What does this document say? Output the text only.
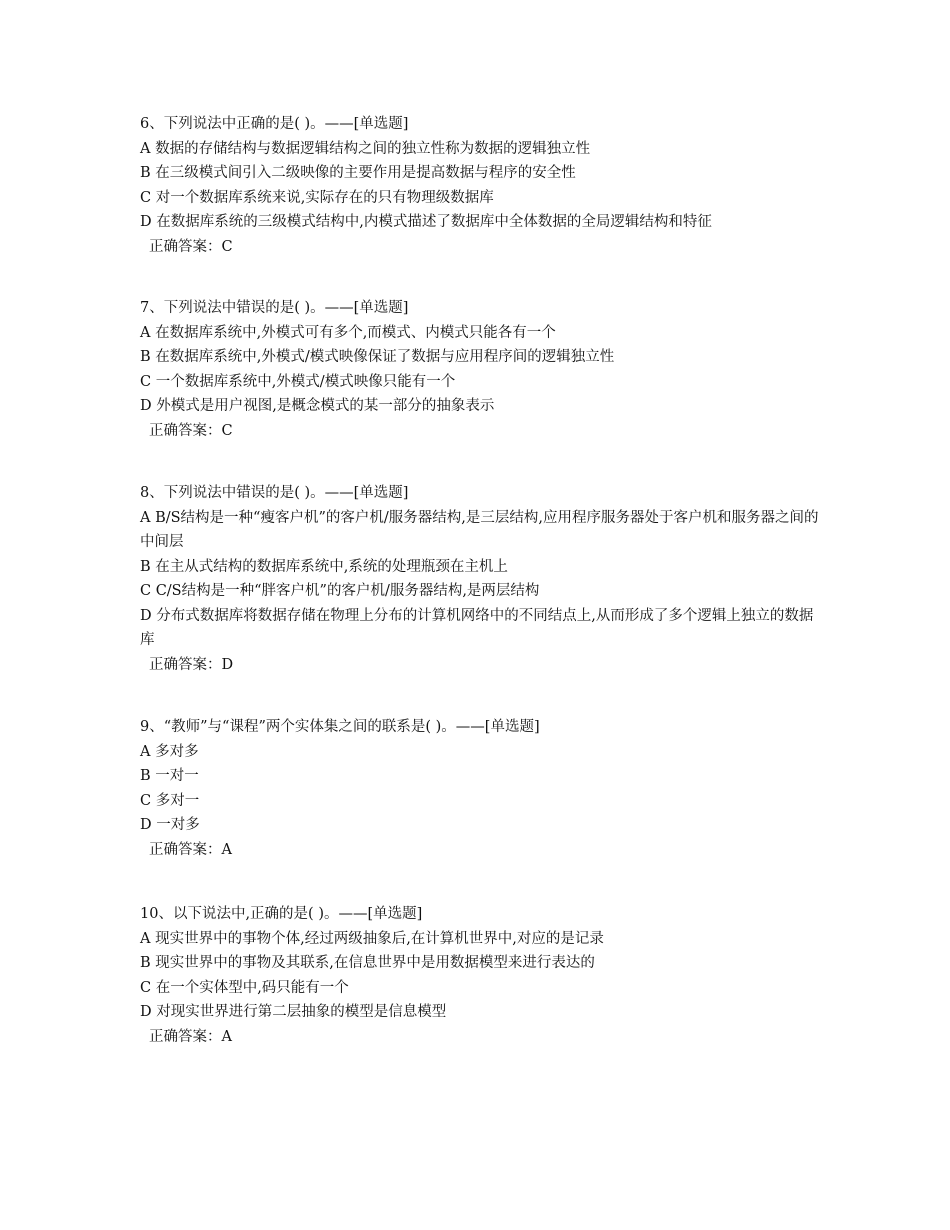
6、下列说法中正确的是( )。——[单选题]
A 数据的存储结构与数据逻辑结构之间的独立性称为数据的逻辑独立性
B 在三级模式间引入二级映像的主要作用是提高数据与程序的安全性
C 对一个数据库系统来说,实际存在的只有物理级数据库
D 在数据库系统的三级模式结构中,内模式描述了数据库中全体数据的全局逻辑结构和特征
正确答案：C
7、下列说法中错误的是( )。——[单选题]
A 在数据库系统中,外模式可有多个,而模式、内模式只能各有一个
B 在数据库系统中,外模式/模式映像保证了数据与应用程序间的逻辑独立性
C 一个数据库系统中,外模式/模式映像只能有一个
D 外模式是用户视图,是概念模式的某一部分的抽象表示
正确答案：C
8、下列说法中错误的是( )。——[单选题]
A B/S结构是一种“瘦客户机”的客户机/服务器结构,是三层结构,应用程序服务器处于客户机和服务器之间的中间层
B 在主从式结构的数据库系统中,系统的处理瓶颈在主机上
C C/S结构是一种“胖客户机”的客户机/服务器结构,是两层结构
D 分布式数据库将数据存储在物理上分布的计算机网络中的不同结点上,从而形成了多个逻辑上独立的数据库
正确答案：D
9、“教师”与“课程”两个实体集之间的联系是( )。——[单选题]
A 多对多
B 一对一
C 多对一
D 一对多
正确答案：A
10、以下说法中,正确的是( )。——[单选题]
A 现实世界中的事物个体,经过两级抽象后,在计算机世界中,对应的是记录
B 现实世界中的事物及其联系,在信息世界中是用数据模型来进行表达的
C 在一个实体型中,码只能有一个
D 对现实世界进行第二层抽象的模型是信息模型
正确答案：A
